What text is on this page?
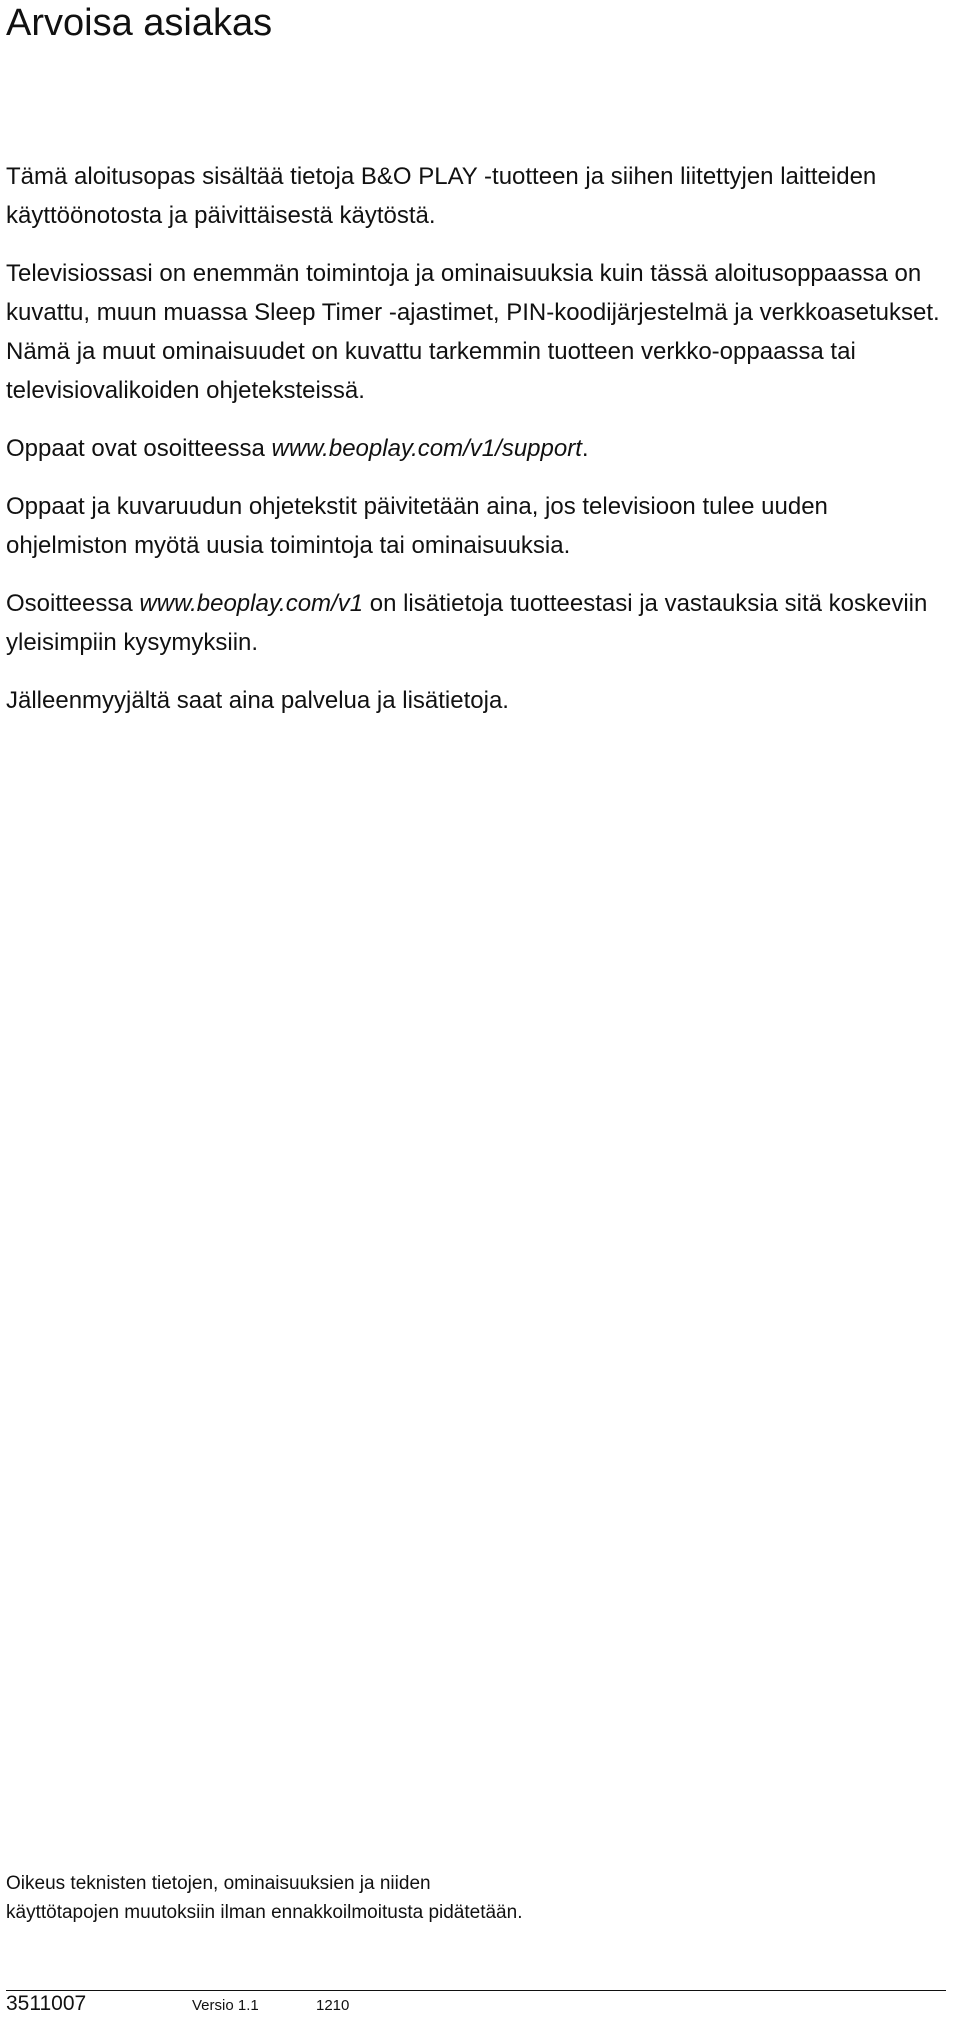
Arvoisa asiakas

Tämä aloitusopas sisältää tietoja B&O PLAY -tuotteen ja siihen liitettyjen laitteiden käyttöönotosta ja päivittäisestä käytöstä.

Televisiossasi on enemmän toimintoja ja ominaisuuksia kuin tässä aloitusoppaassa on kuvattu, muun muassa Sleep Timer -ajastimet, PIN-koodijärjestelmä ja verkkoasetukset. Nämä ja muut ominaisuudet on kuvattu tarkemmin tuotteen verkko-oppaassa tai televisiovalikoiden ohjeteksteissä.

Oppaat ovat osoitteessa www.beoplay.com/v1/support.

Oppaat ja kuvaruudun ohjetekstit päivitetään aina, jos televisioon tulee uuden ohjelmiston myötä uusia toimintoja tai ominaisuuksia.

Osoitteessa www.beoplay.com/v1 on lisätietoja tuotteestasi ja vastauksia sitä koskeviin yleisimpiin kysymyksiin.

Jälleenmyyjältä saat aina palvelua ja lisätietoja.

Oikeus teknisten tietojen, ominaisuuksien ja niiden käyttötapojen muutoksiin ilman ennakkoilmoitusta pidätetään.
3511007	Versio 1.1	1210
